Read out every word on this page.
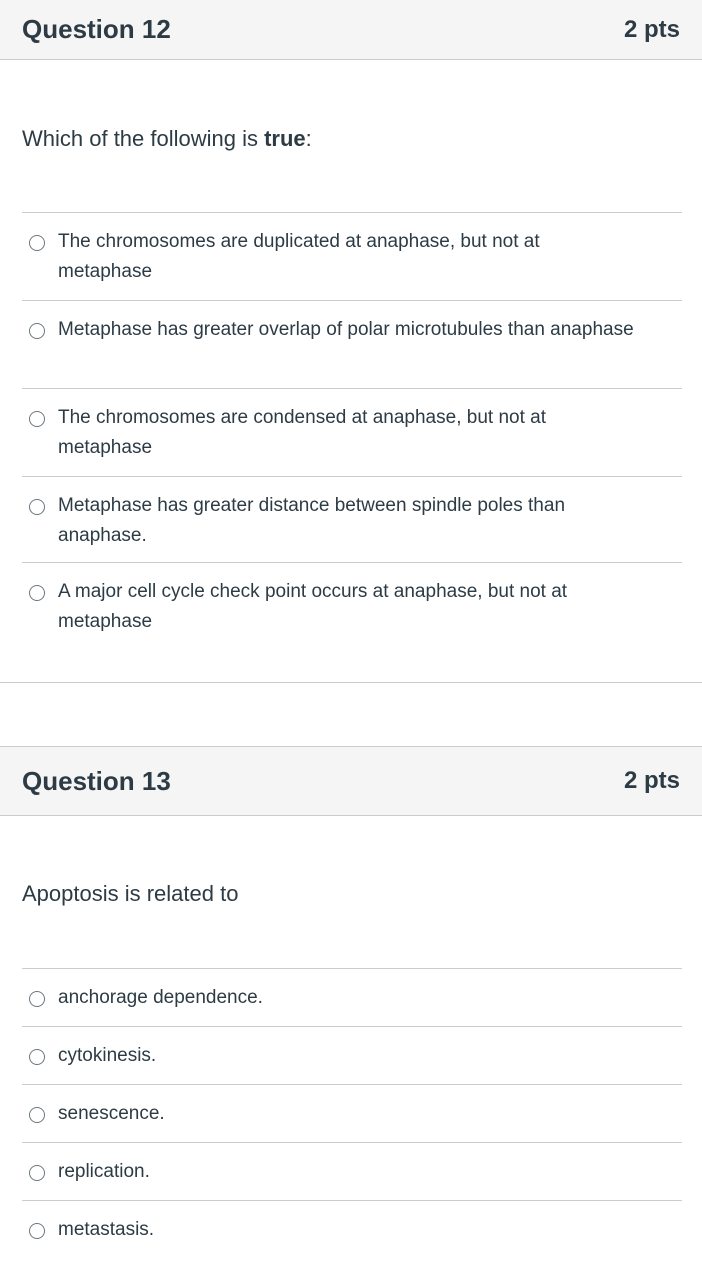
Question 12	2 pts
Which of the following is true:
The chromosomes are duplicated at anaphase, but not at metaphase
Metaphase has greater overlap of polar microtubules than anaphase
The chromosomes are condensed at anaphase, but not at metaphase
Metaphase has greater distance between spindle poles than anaphase.
A major cell cycle check point occurs at anaphase, but not at metaphase
Question 13	2 pts
Apoptosis is related to
anchorage dependence.
cytokinesis.
senescence.
replication.
metastasis.
